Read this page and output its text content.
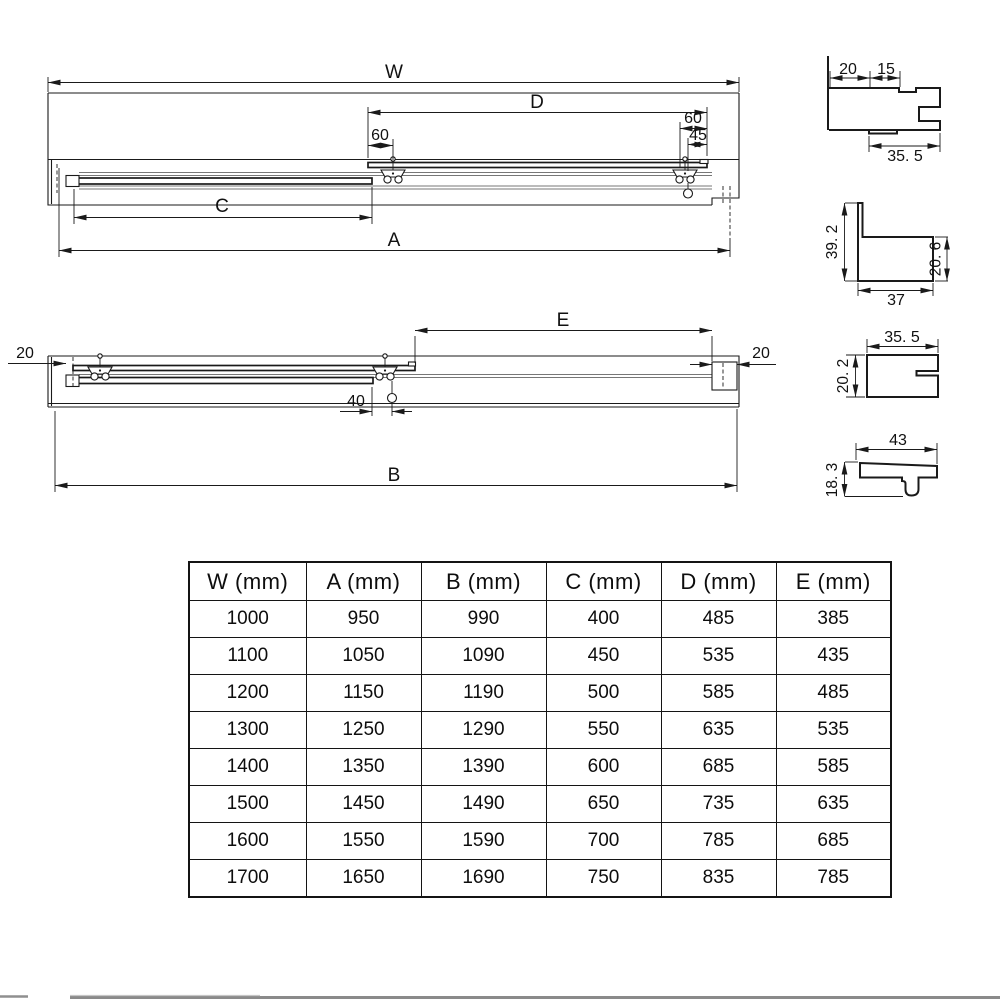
W
D
60
60
45
C
A
E
20	20
40
B
20 15
35. 5
39. 2	20. 6
37
35. 5
20. 2
43
18. 3
W (mm)	A (mm)	B (mm)	C (mm)	D (mm)	E (mm)
1000	950	990	400	485	385
1100	1050	1090	450	535	435
1200	1150	1190	500	585	485
1300	1250	1290	550	635	535
1400	1350	1390	600	685	585
1500	1450	1490	650	735	635
1600	1550	1590	700	785	685
1700	1650	1690	750	835	785
